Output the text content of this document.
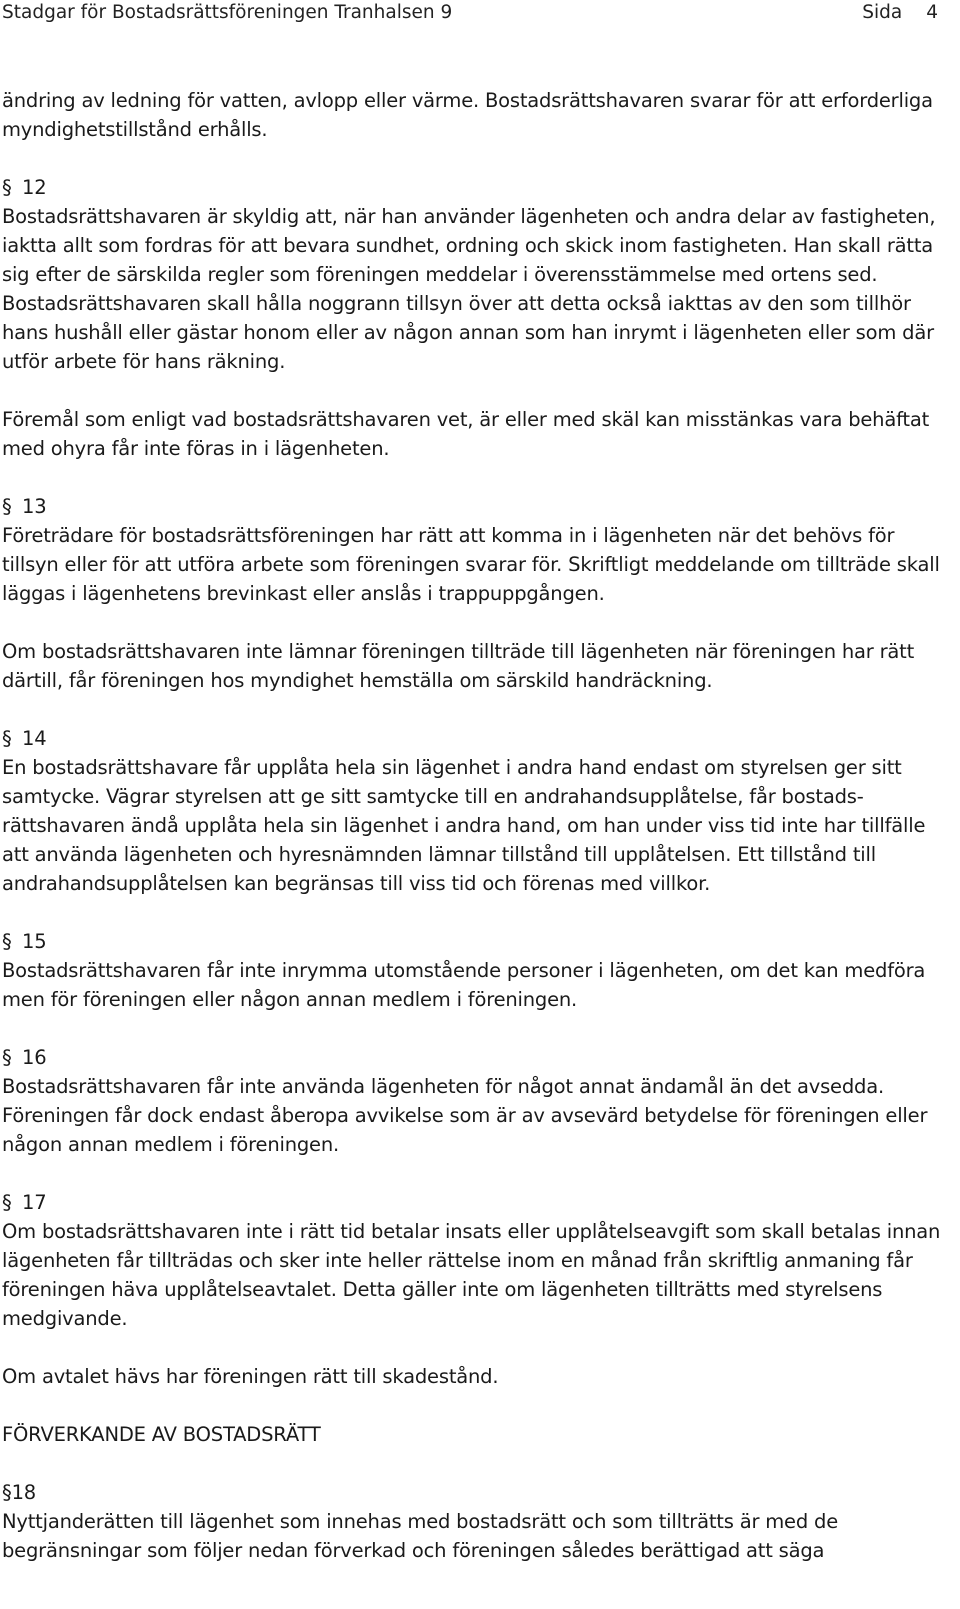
Stadgar för Bostadsrättsföreningen Tranhalsen 9	Sida 4

ändring av ledning för vatten, avlopp eller värme. Bostadsrättshavaren svarar för att erforderliga myndighetstillstånd erhålls.

§ 12

Bostadsrättshavaren är skyldig att, när han använder lägenheten och andra delar av fastigheten, iaktta allt som fordras för att bevara sundhet, ordning och skick inom fastigheten. Han skall rätta sig efter de särskilda regler som föreningen meddelar i överensstämmelse med ortens sed. Bostadsrättshavaren skall hålla noggrann tillsyn över att detta också iakttas av den som tillhör hans hushåll eller gästar honom eller av någon annan som han inrymt i lägenheten eller som där utför arbete för hans räkning.

Föremål som enligt vad bostadsrättshavaren vet, är eller med skäl kan misstänkas vara behäftat med ohyra får inte föras in i lägenheten.

§ 13

Företrädare för bostadsrättsföreningen har rätt att komma in i lägenheten när det behövs för tillsyn eller för att utföra arbete som föreningen svarar för. Skriftligt meddelande om tillträde skall läggas i lägenhetens brevinkast eller anslås i trappuppgången.

Om bostadsrättshavaren inte lämnar föreningen tillträde till lägenheten när föreningen har rätt därtill, får föreningen hos myndighet hemställa om särskild handräckning.

§ 14

En bostadsrättshavare får upplåta hela sin lägenhet i andra hand endast om styrelsen ger sitt samtycke. Vägrar styrelsen att ge sitt samtycke till en andrahandsupplåtelse, får bostads-rättshavaren ändå upplåta hela sin lägenhet i andra hand, om han under viss tid inte har tillfälle att använda lägenheten och hyresnämnden lämnar tillstånd till upplåtelsen. Ett tillstånd till andrahandsupplåtelsen kan begränsas till viss tid och förenas med villkor.

§ 15

Bostadsrättshavaren får inte inrymma utomstående personer i lägenheten, om det kan medföra men för föreningen eller någon annan medlem i föreningen.

§ 16

Bostadsrättshavaren får inte använda lägenheten för något annat ändamål än det avsedda. Föreningen får dock endast åberopa avvikelse som är av avsevärd betydelse för föreningen eller någon annan medlem i föreningen.

§ 17

Om bostadsrättshavaren inte i rätt tid betalar insats eller upplåtelseavgift som skall betalas innan lägenheten får tillträdas och sker inte heller rättelse inom en månad från skriftlig anmaning får föreningen häva upplåtelseavtalet. Detta gäller inte om lägenheten tillträtts med styrelsens medgivande.

Om avtalet hävs har föreningen rätt till skadestånd.

FÖRVERKANDE AV BOSTADSRÄTT

§18

Nyttjanderätten till lägenhet som innehas med bostadsrätt och som tillträtts är med de begränsningar som följer nedan förverkad och föreningen således berättigad att säga
